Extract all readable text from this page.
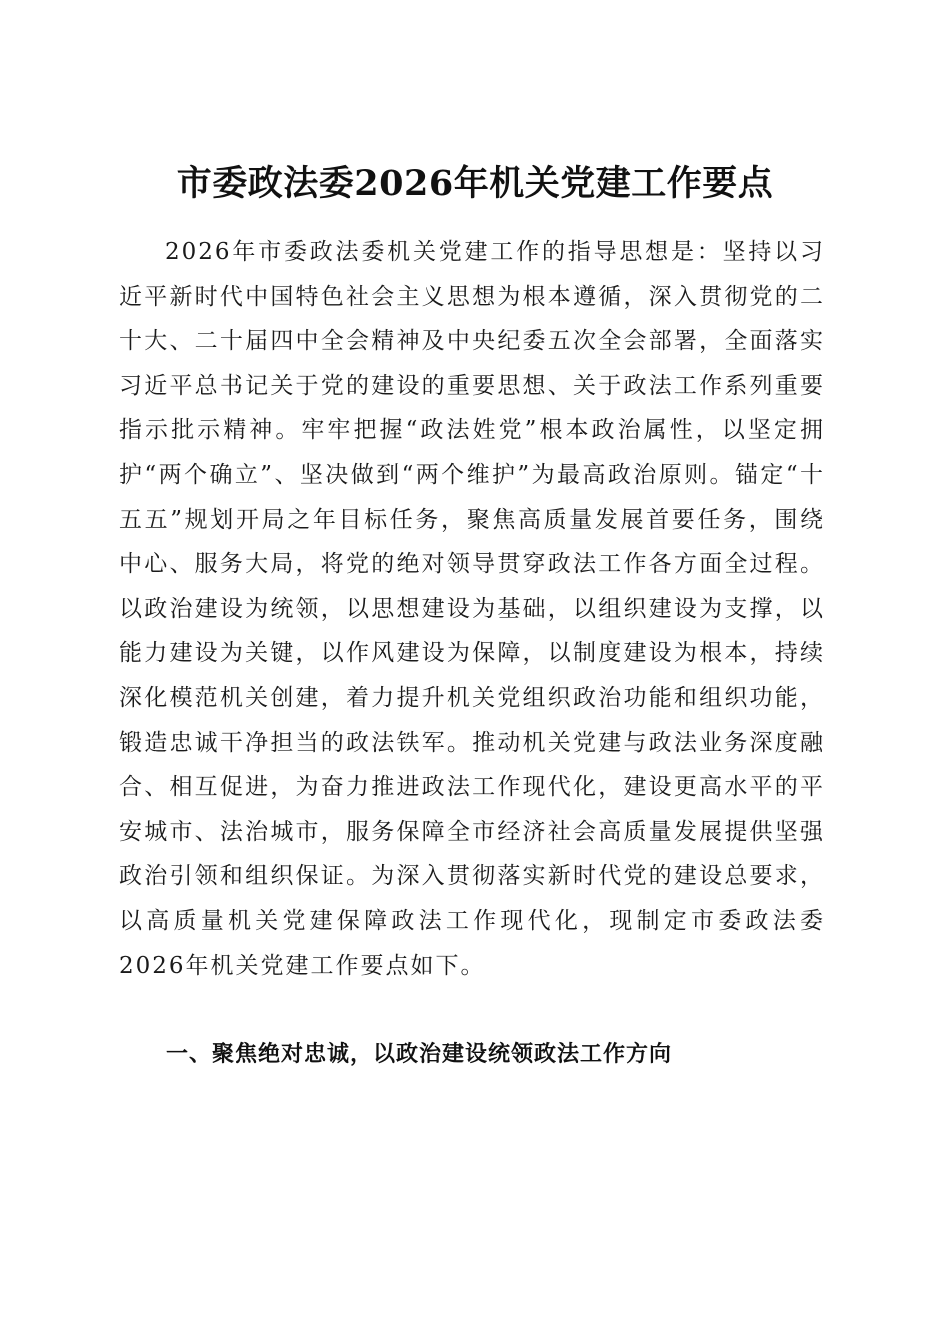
市委政法委2026年机关党建工作要点

2026年市委政法委机关党建工作的指导思想是：坚持以习近平新时代中国特色社会主义思想为根本遵循，深入贯彻党的二十大、二十届四中全会精神及中央纪委五次全会部署，全面落实习近平总书记关于党的建设的重要思想、关于政法工作系列重要指示批示精神。牢牢把握“政法姓党”根本政治属性，以坚定拥护“两个确立”、坚决做到“两个维护”为最高政治原则。锚定“十五五”规划开局之年目标任务，聚焦高质量发展首要任务，围绕中心、服务大局，将党的绝对领导贯穿政法工作各方面全过程。以政治建设为统领，以思想建设为基础，以组织建设为支撑，以能力建设为关键，以作风建设为保障，以制度建设为根本，持续深化模范机关创建，着力提升机关党组织政治功能和组织功能，锻造忠诚干净担当的政法铁军。推动机关党建与政法业务深度融合、相互促进，为奋力推进政法工作现代化，建设更高水平的平安城市、法治城市，服务保障全市经济社会高质量发展提供坚强政治引领和组织保证。为深入贯彻落实新时代党的建设总要求，以高质量机关党建保障政法工作现代化，现制定市委政法委2026年机关党建工作要点如下。

一、聚焦绝对忠诚，以政治建设统领政法工作方向
